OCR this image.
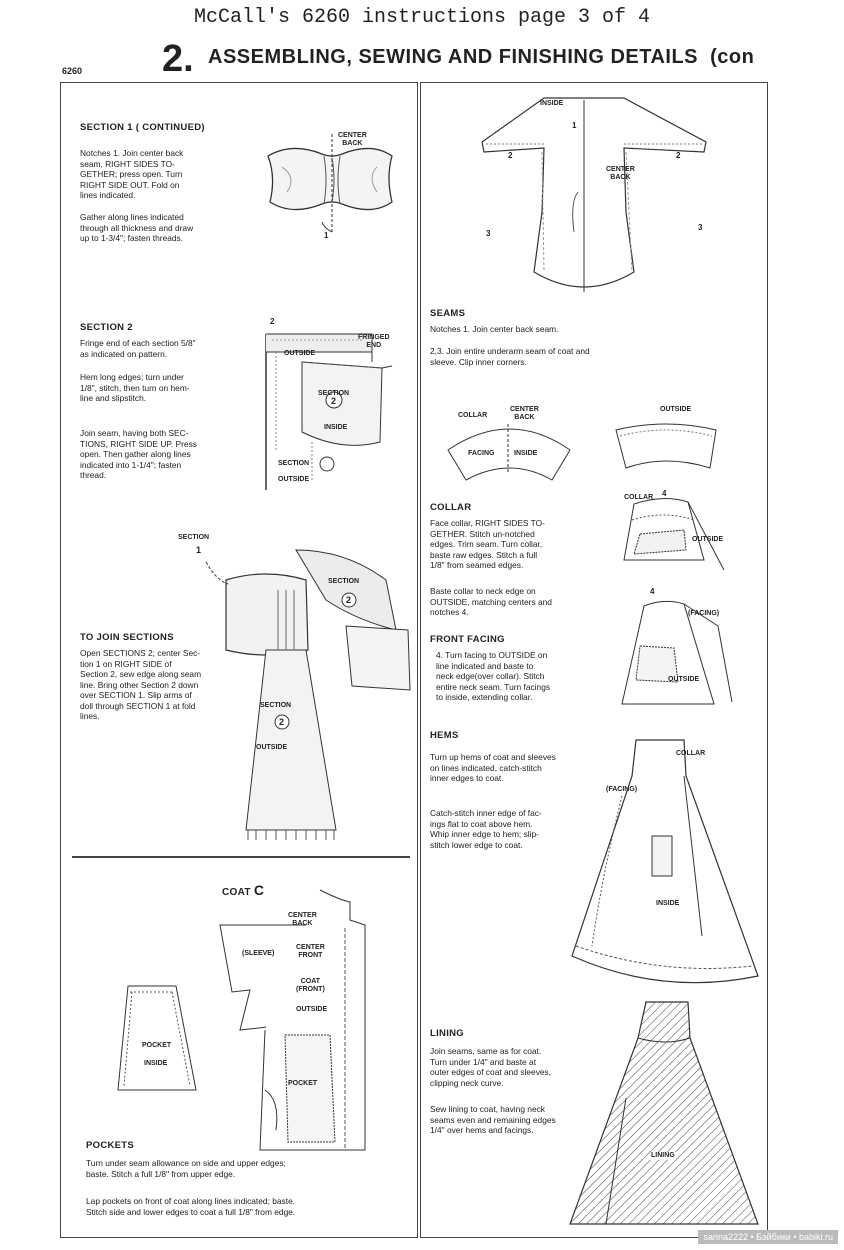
McCall's 6260 instructions page 3 of 4
6260 2. ASSEMBLING, SEWING AND FINISHING DETAILS (con
SECTION 1 ( CONTINUED)
Notches 1. Join center back
seam, RIGHT SIDES TO-
GETHER; press open. Turn
RIGHT SIDE OUT. Fold on
lines indicated.
Gather along lines indicated
through all thickness and draw
up to 1-3/4"; fasten threads.
CENTER
BACK
1
SECTION 2
Fringe end of each section 5/8"
as indicated on pattern.
Hem long edges; turn under
1/8", stitch, then turn on hem-
line and slipstitch.
Join seam, having both SEC-
TIONS, RIGHT SIDE UP. Press
open. Then gather along lines
indicated into 1-1/4"; fasten
thread.
2
FRINGED
END
OUTSIDE
SECTION
2
INSIDE
SECTION
OUTSIDE
SECTION
1
SECTION
2
SECTION
2
OUTSIDE
TO JOIN SECTIONS
Open SECTIONS 2; center Sec-
tion 1 on RIGHT SIDE of
Section 2, sew edge along seam
line. Bring other Section 2 down
over SECTION 1. Slip arms of
doll through SECTION 1 at fold
lines.
COAT C
CENTER
BACK
CENTER
FRONT
(SLEEVE)
COAT
(FRONT)
OUTSIDE
POCKET
POCKET
INSIDE
POCKETS
Turn under seam allowance on side and upper edges;
baste. Stitch a full 1/8" from upper edge.
Lap pockets on front of coat along lines indicated; baste.
Stitch side and lower edges to coat a full 1/8" from edge.
INSIDE
1
2	2
3
3
CENTER
BACK
SEAMS
Notches 1. Join center back seam.
2,3. Join entire underarm seam of coat and
sleeve. Clip inner corners.
COLLAR
CENTER
BACK
FACING	INSIDE
OUTSIDE
COLLAR
Face collar, RIGHT SIDES TO-
GETHER. Stitch un-notched
edges. Trim seam. Turn collar,
baste raw edges. Stitch a full
1/8" from seamed edges.
Baste collar to neck edge on
OUTSIDE, matching centers and
notches 4.
COLLAR 4
OUTSIDE
FRONT FACING
4. Turn facing to OUTSIDE on
line indicated and baste to
neck edge(over collar). Stitch
entire neck seam. Turn facings
to inside, extending collar.
4
(FACING)
OUTSIDE
HEMS
Turn up hems of coat and sleeves
on lines indicated, catch-stitch
inner edges to coat.
Catch-stitch inner edge of fac-
ings flat to coat above hem.
Whip inner edge to hem; slip-
stitch lower edge to coat.
COLLAR
(FACING)
INSIDE
LINING
Join seams, same as for coat.
Turn under 1/4" and baste at
outer edges of coat and sleeves,
clipping neck curve.
Sew lining to coat, having neck
seams even and remaining edges
1/4" over hems and facings.
LINING
sanna2222 • Бэйбики • babiki.ru
